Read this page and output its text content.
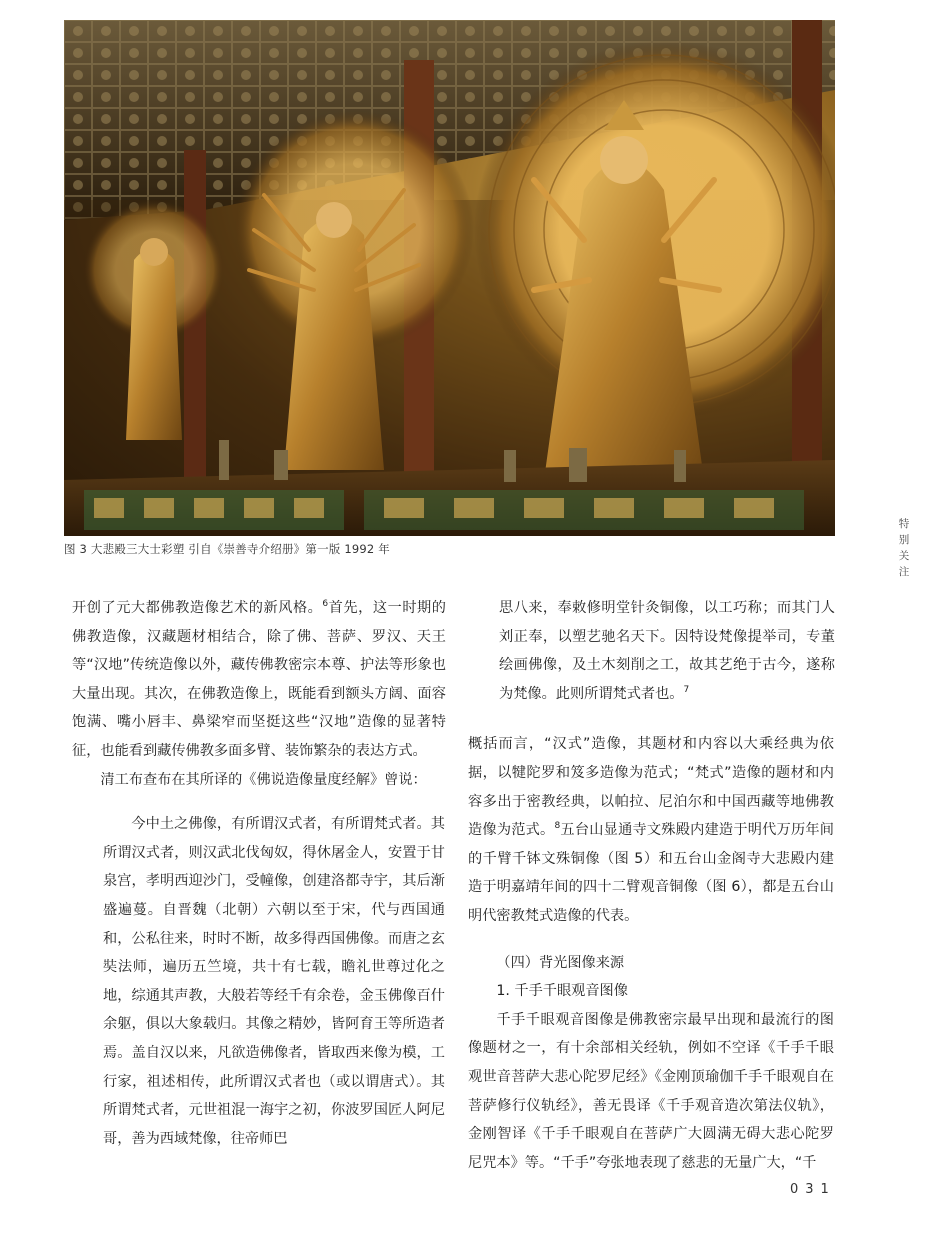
图 3 大悲殿三大士彩塑 引自《崇善寺介绍册》第一版 1992 年
特
别
关
注

开创了元大都佛教造像艺术的新风格。$^6$首先，这一时期的佛教造像，汉藏题材相结合，除了佛、菩萨、罗汉、天王等“汉地”传统造像以外，藏传佛教密宗本尊、护法等形象也大量出现。其次，在佛教造像上，既能看到额头方阔、面容饱满、嘴小唇丰、鼻梁窄而坚挺这些“汉地”造像的显著特征，也能看到藏传佛教多面多臂、装饰繁杂的表达方式。

清工布查布在其所译的《佛说造像量度经解》曾说：

今中土之佛像，有所谓汉式者，有所谓梵式者。其所谓汉式者，则汉武北伐匈奴，得休屠金人，安置于甘泉宫，孝明西迎沙门，受幢像，创建洛都寺宇，其后渐盛遍蔓。自晋魏（北朝）六朝以至于宋，代与西国通和，公私往来，时时不断，故多得西国佛像。而唐之玄奘法师，遍历五竺境，共十有七载，瞻礼世尊过化之地，综通其声教，大般若等经千有余卷，金玉佛像百什余躯，俱以大象载归。其像之精妙，皆阿育王等所造者焉。盖自汉以来，凡欲造佛像者，皆取西来像为模，工行家，祖述相传，此所谓汉式者也（或以谓唐式）。其所谓梵式者，元世祖混一海宇之初，你波罗国匠人阿尼哥，善为西域梵像，往帝师巴

思八来，奉敕修明堂针灸铜像，以工巧称；而其门人刘正奉，以塑艺驰名天下。因特设梵像提举司，专董绘画佛像，及土木刻削之工，故其艺绝于古今，遂称为梵像。此则所谓梵式者也。$^7$

概括而言，“汉式”造像，其题材和内容以大乘经典为依据，以犍陀罗和笈多造像为范式；“梵式”造像的题材和内容多出于密教经典，以帕拉、尼泊尔和中国西藏等地佛教造像为范式。$^8$五台山显通寺文殊殿内建造于明代万历年间的千臂千钵文殊铜像（图 5）和五台山金阁寺大悲殿内建造于明嘉靖年间的四十二臂观音铜像（图 6），都是五台山明代密教梵式造像的代表。

（四）背光图像来源

1. 千手千眼观音图像

千手千眼观音图像是佛教密宗最早出现和最流行的图像题材之一，有十余部相关经轨，例如不空译《千手千眼观世音菩萨大悲心陀罗尼经》《金刚顶瑜伽千手千眼观自在菩萨修行仪轨经》，善无畏译《千手观音造次第法仪轨》，金刚智译《千手千眼观自在菩萨广大圆满无碍大悲心陀罗尼咒本》等。“千手”夸张地表现了慈悲的无量广大，“千

031
